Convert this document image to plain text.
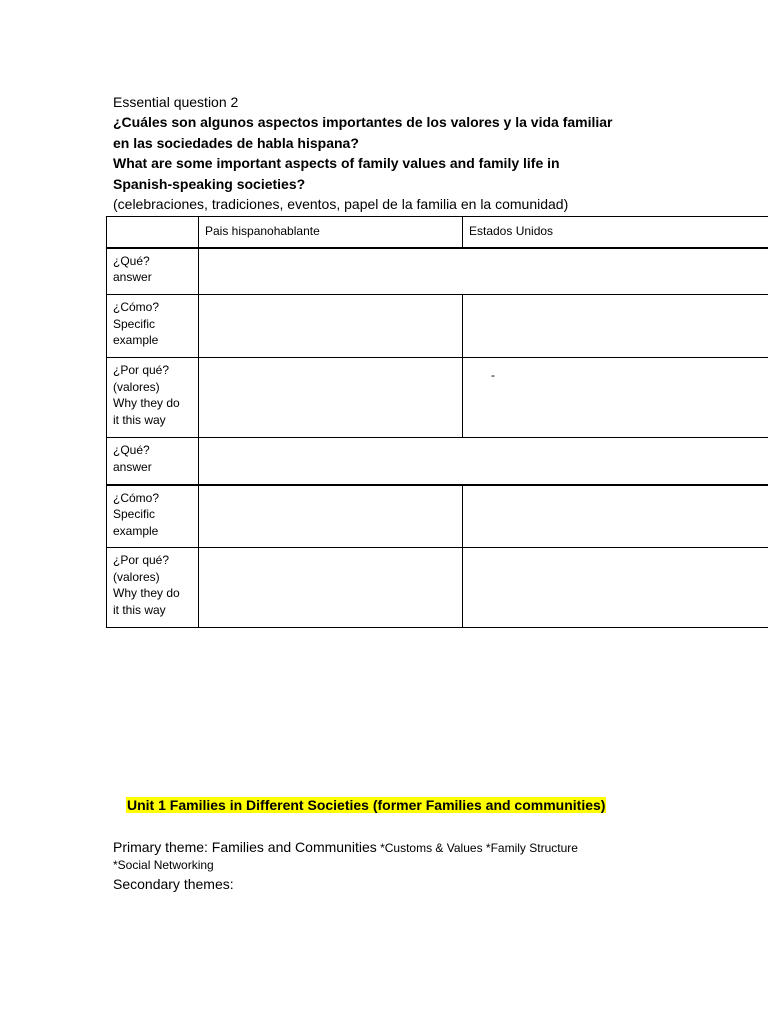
Essential question 2
¿Cuáles son algunos aspectos importantes de los valores y la vida familiar
en las sociedades de habla hispana?
What are some important aspects of family values and family life in
Spanish-speaking societies?
(celebraciones, tradiciones, eventos, papel de la familia en la comunidad)
	Pais hispanohablante	Estados Unidos

¿Qué?
answer		

¿Cómo?
Specific
example		

¿Por qué?
(valores)
Why they do
it this way		-

¿Qué?
answer		

¿Cómo?
Specific
example		

¿Por qué?
(valores)
Why they do
it this way		

Unit 1 Families in Different Societies (former Families and communities)
Primary theme: Families and Communities *Customs & Values *Family Structure
*Social Networking
Secondary themes:
